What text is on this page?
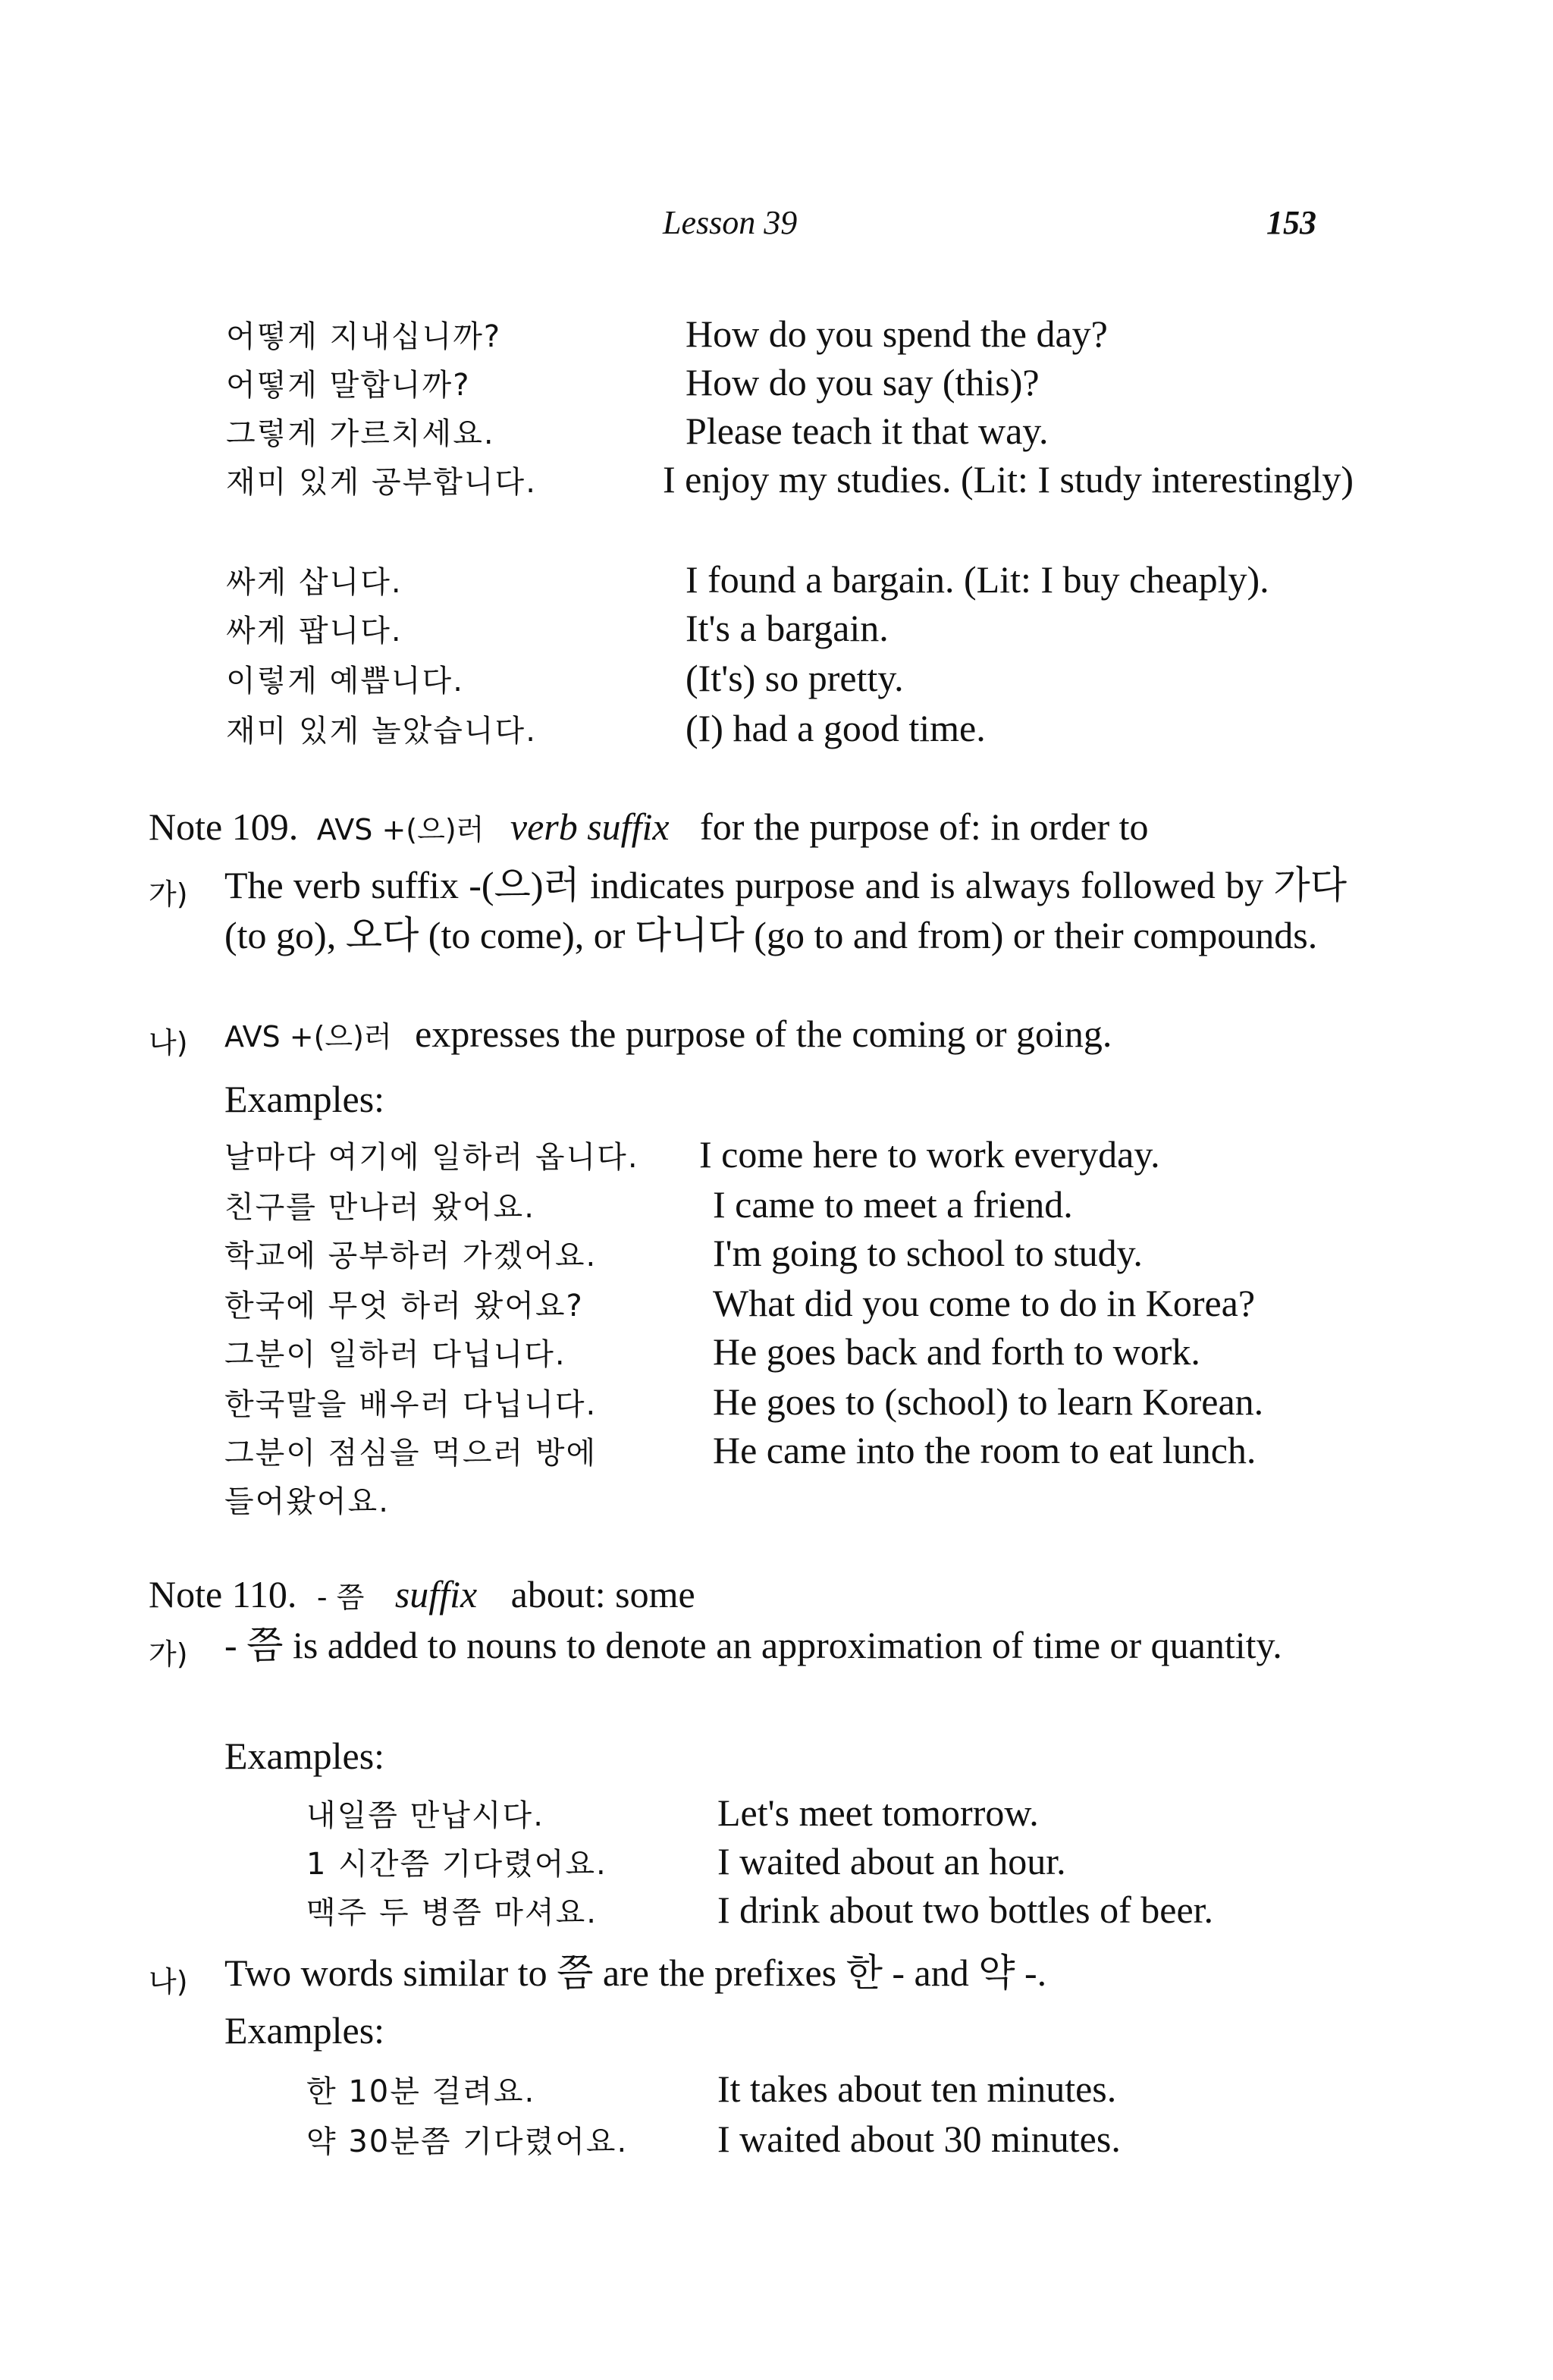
Lesson 39	153
어떻게 지내십니까?	How do you spend the day?
어떻게 말합니까?	How do you say (this)?
그렇게 가르치세요.	Please teach it that way.
재미 있게 공부합니다.	I enjoy my studies. (Lit: I study interestingly)
싸게 삽니다.	I found a bargain. (Lit: I buy cheaply).
싸게 팝니다.	It's a bargain.
이렇게 예쁩니다.	(It's) so pretty.
재미 있게 놀았습니다.	(I) had a good time.
Note 109. AVS +(으)러 verb suffix for the purpose of: in order to
가) The verb suffix -(으)러 indicates purpose and is always followed by 가다 (to go), 오다 (to come), or 다니다 (go to and from) or their compounds.
나) AVS +(으)러 expresses the purpose of the coming or going.
Examples:
날마다 여기에 일하러 옵니다. I come here to work everyday.
친구를 만나러 왔어요.	I came to meet a friend.
학교에 공부하러 가겠어요.	I'm going to school to study.
한국에 무엇 하러 왔어요?	What did you come to do in Korea?
그분이 일하러 다닙니다.	He goes back and forth to work.
한국말을 배우러 다닙니다.	He goes to (school) to learn Korean.
그분이 점심을 먹으러 방에	He came into the room to eat lunch.
들어왔어요.
Note 110. - 쯤 suffix about: some
가) - 쯤 is added to nouns to denote an approximation of time or quantity.
Examples:
내일쯤 만납시다.	Let's meet tomorrow.
1 시간쯤 기다렸어요.	I waited about an hour.
맥주 두 병쯤 마셔요.	I drink about two bottles of beer.
나) Two words similar to 쯤 are the prefixes 한 - and 약 -.
Examples:
한 10분 걸려요.	It takes about ten minutes.
약 30분쯤 기다렸어요. I waited about 30 minutes.
